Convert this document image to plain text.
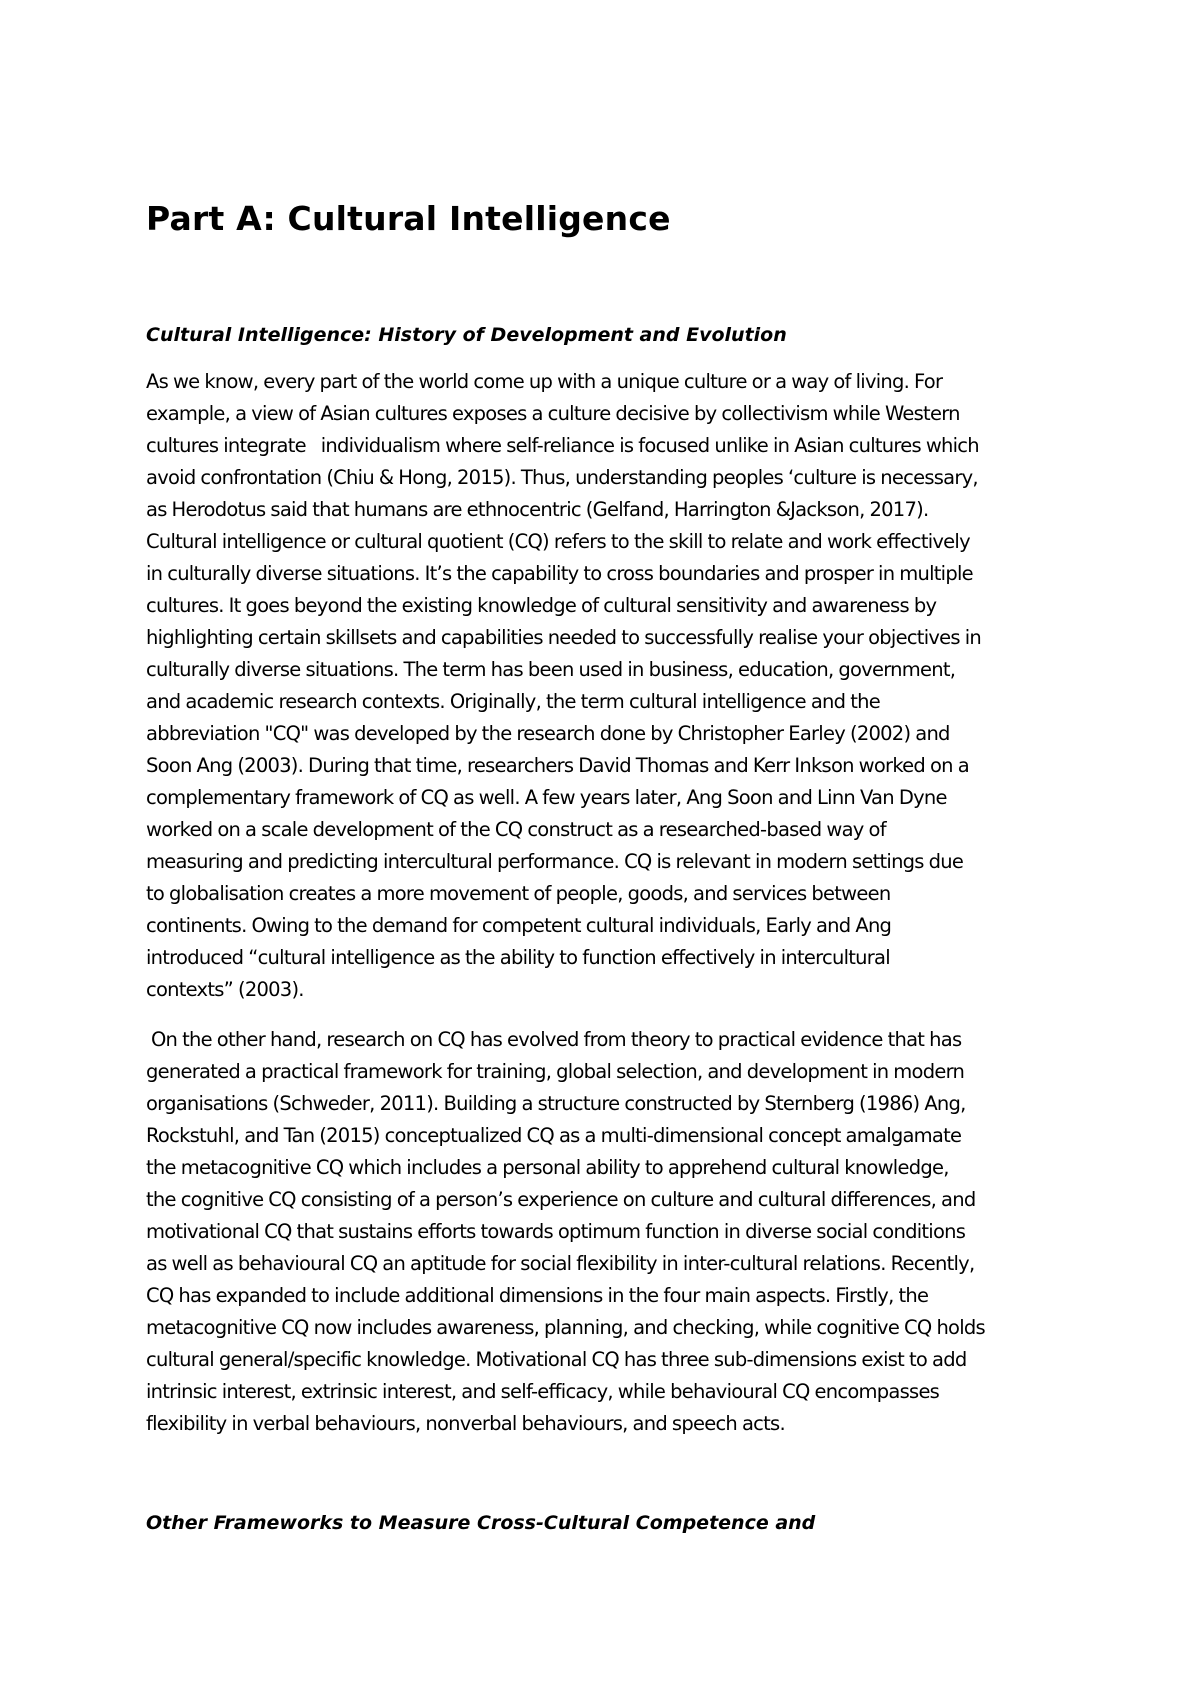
Part A: Cultural Intelligence
Cultural Intelligence: History of Development and Evolution
As we know, every part of the world come up with a unique culture or a way of living. For
example, a view of Asian cultures exposes a culture decisive by collectivism while Western
cultures integrate   individualism where self-reliance is focused unlike in Asian cultures which
avoid confrontation (Chiu & Hong, 2015). Thus, understanding peoples ‘culture is necessary,
as Herodotus said that humans are ethnocentric (Gelfand, Harrington &Jackson, 2017).
Cultural intelligence or cultural quotient (CQ) refers to the skill to relate and work effectively
in culturally diverse situations. It’s the capability to cross boundaries and prosper in multiple
cultures. It goes beyond the existing knowledge of cultural sensitivity and awareness by
highlighting certain skillsets and capabilities needed to successfully realise your objectives in
culturally diverse situations. The term has been used in business, education, government,
and academic research contexts. Originally, the term cultural intelligence and the
abbreviation "CQ" was developed by the research done by Christopher Earley (2002) and
Soon Ang (2003). During that time, researchers David Thomas and Kerr Inkson worked on a
complementary framework of CQ as well. A few years later, Ang Soon and Linn Van Dyne
worked on a scale development of the CQ construct as a researched-based way of
measuring and predicting intercultural performance. CQ is relevant in modern settings due
to globalisation creates a more movement of people, goods, and services between
continents. Owing to the demand for competent cultural individuals, Early and Ang
introduced “cultural intelligence as the ability to function effectively in intercultural
contexts” (2003).
On the other hand, research on CQ has evolved from theory to practical evidence that has
generated a practical framework for training, global selection, and development in modern
organisations (Schweder, 2011). Building a structure constructed by Sternberg (1986) Ang,
Rockstuhl, and Tan (2015) conceptualized CQ as a multi-dimensional concept amalgamate
the metacognitive CQ which includes a personal ability to apprehend cultural knowledge,
the cognitive CQ consisting of a person’s experience on culture and cultural differences, and
motivational CQ that sustains efforts towards optimum function in diverse social conditions
as well as behavioural CQ an aptitude for social flexibility in inter-cultural relations. Recently,
CQ has expanded to include additional dimensions in the four main aspects. Firstly, the
metacognitive CQ now includes awareness, planning, and checking, while cognitive CQ holds
cultural general/specific knowledge. Motivational CQ has three sub-dimensions exist to add
intrinsic interest, extrinsic interest, and self-efficacy, while behavioural CQ encompasses
flexibility in verbal behaviours, nonverbal behaviours, and speech acts.
Other Frameworks to Measure Cross-Cultural Competence and
